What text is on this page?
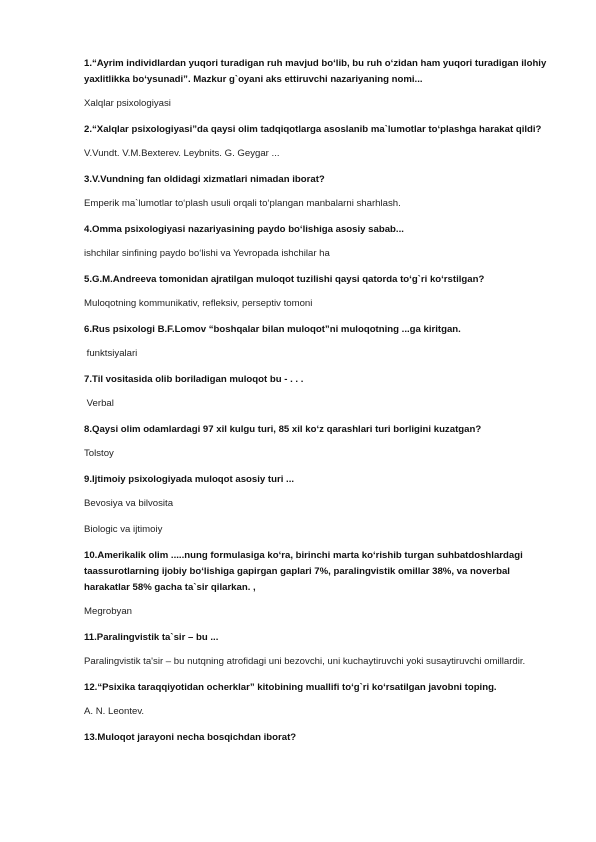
1.“Ayrim individlardan yuqori turadigan ruh mavjud bo‘lib, bu ruh o‘zidan ham yuqori turadigan ilohiy yaxlitlikka bo‘ysunadi”. Mazkur g`oyani aks ettiruvchi nazariyaning nomi...

Xalqlar psixologiyasi

2.“Xalqlar psixologiyasi”da qaysi olim tadqiqotlarga asoslanib ma`lumotlar to‘plashga harakat qildi?

V.Vundt. V.M.Bexterev. Leybnits. G. Geygar ...

3.V.Vundning fan oldidagi xizmatlari nimadan iborat?

Emperik ma`lumotlar to‘plash usuli orqali to‘plangan manbalarni sharhlash.

4.Omma psixologiyasi nazariyasining paydo bo‘lishiga asosiy sabab...

ishchilar sinfining paydo bo‘lishi va Yevropada ishchilar ha

5.G.M.Andreeva tomonidan ajratilgan muloqot tuzilishi qaysi qatorda to‘g`ri ko‘rstilgan?

Muloqotning kommunikativ, refleksiv, perseptiv tomoni

6.Rus psixologi B.F.Lomov “boshqalar bilan muloqot”ni muloqotning ...ga kiritgan.

funktsiyalari

7.Til vositasida olib boriladigan muloqot bu - . . .

Verbal

8.Qaysi olim odamlardagi 97 xil kulgu turi, 85 xil ko‘z qarashlari turi borligini kuzatgan?

Tolstoy

9.Ijtimoiy psixologiyada muloqot asosiy turi ...

Bevosiya va bilvosita

Biologic va ijtimoiy

10.Amerikalik olim .....nung formulasiga ko‘ra, birinchi marta ko‘rishib turgan suhbatdoshlardagi taassurotlarning ijobiy bo‘lishiga gapirgan gaplari 7%, paralingvistik omillar 38%, va noverbal harakatlar 58% gacha ta`sir qilarkan. ,

Megrobyan

11.Paralingvistik ta`sir – bu ...

Paralingvistik ta'sir – bu nutqning atrofidagi uni bezovchi, uni kuchaytiruvchi yoki susaytiruvchi omillardir.

12.“Psixika taraqqiyotidan ocherklar” kitobining muallifi to‘g`ri ko‘rsatilgan javobni toping.

A. N. Leontev.

13.Muloqot jarayoni necha bosqichdan iborat?
